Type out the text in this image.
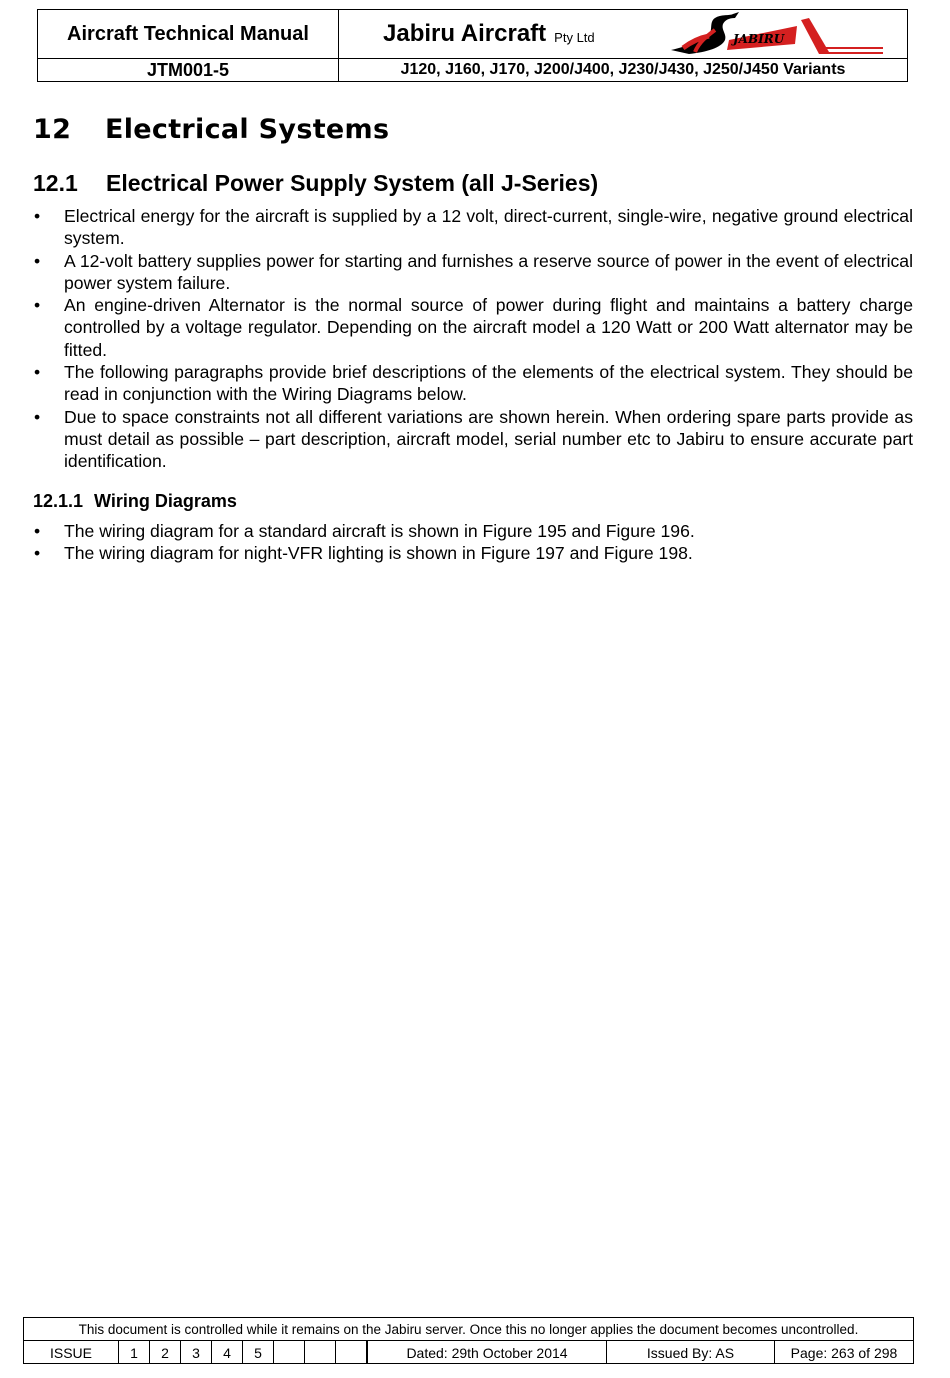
Aircraft Technical Manual	Jabiru Aircraft Pty Ltd	JABIRU
JTM001-5	J120, J160, J170, J200/J400, J230/J430, J250/J450 Variants
12 Electrical Systems
12.1 Electrical Power Supply System (all J-Series)
• Electrical energy for the aircraft is supplied by a 12 volt, direct-current, single-wire, negative ground electrical system.
• A 12-volt battery supplies power for starting and furnishes a reserve source of power in the event of electrical power system failure.
• An engine-driven Alternator is the normal source of power during flight and maintains a battery charge controlled by a voltage regulator. Depending on the aircraft model a 120 Watt or 200 Watt alternator may be fitted.
• The following paragraphs provide brief descriptions of the elements of the electrical system. They should be read in conjunction with the Wiring Diagrams below.
• Due to space constraints not all different variations are shown herein. When ordering spare parts provide as must detail as possible – part description, aircraft model, serial number etc to Jabiru to ensure accurate part identification.
12.1.1 Wiring Diagrams
• The wiring diagram for a standard aircraft is shown in Figure 195 and Figure 196.
• The wiring diagram for night-VFR lighting is shown in Figure 197 and Figure 198.
This document is controlled while it remains on the Jabiru server. Once this no longer applies the document becomes uncontrolled.
ISSUE	1	2	3	4	5	Dated: 29th October 2014	Issued By: AS	Page: 263 of 298
